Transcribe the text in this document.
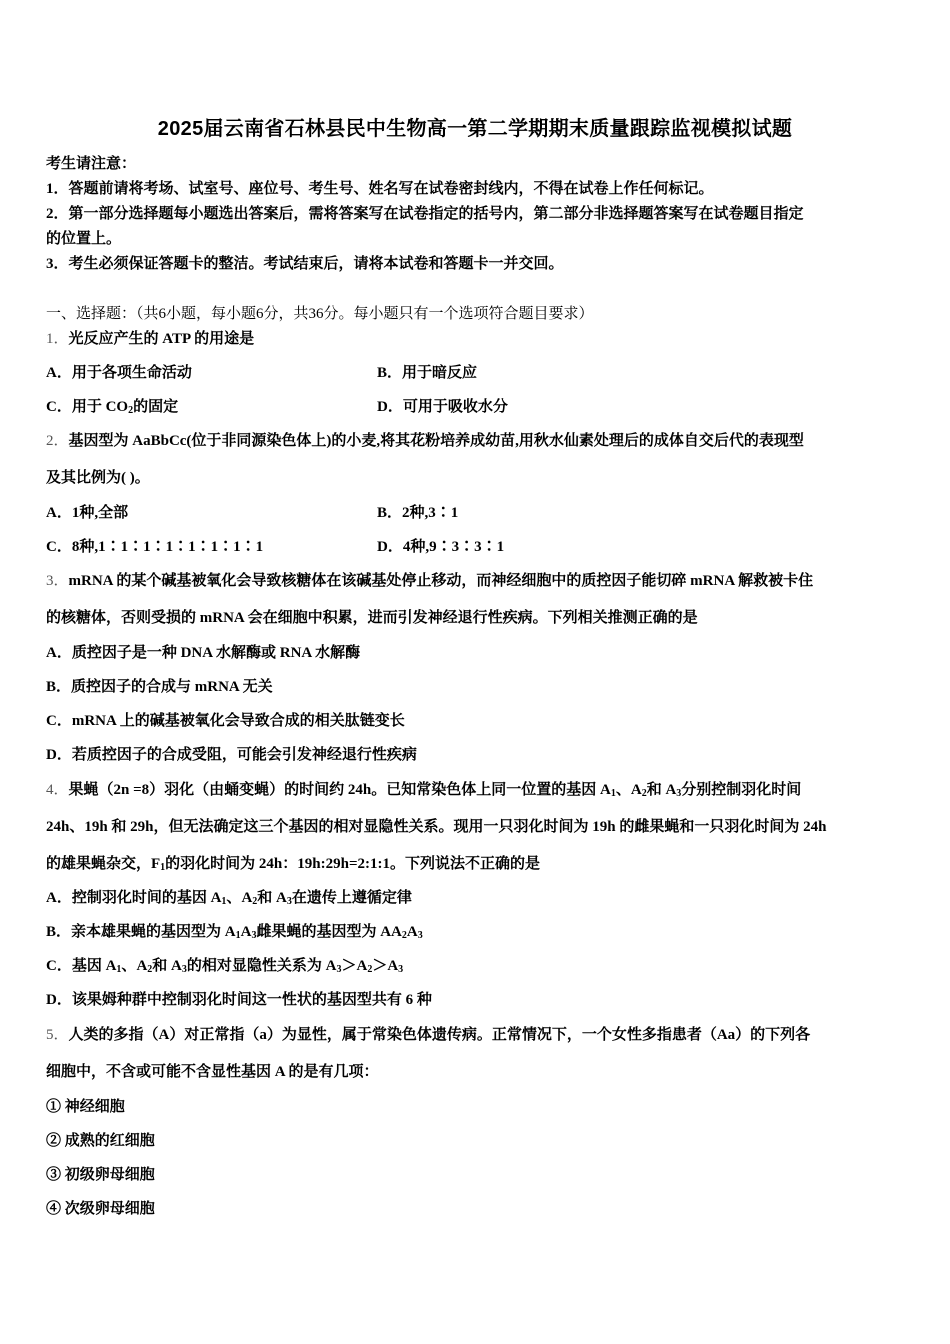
2025届云南省石林县民中生物高一第二学期期末质量跟踪监视模拟试题
考生请注意：
1．答题前请将考场、试室号、座位号、考生号、姓名写在试卷密封线内，不得在试卷上作任何标记。
2．第一部分选择题每小题选出答案后，需将答案写在试卷指定的括号内，第二部分非选择题答案写在试卷题目指定
的位置上。
3．考生必须保证答题卡的整洁。考试结束后，请将本试卷和答题卡一并交回。
一、选择题：（共6小题，每小题6分，共36分。每小题只有一个选项符合题目要求）
1．光反应产生的 ATP 的用途是
A．用于各项生命活动	B．用于暗反应
C．用于 $CO_2$的固定	D．可用于吸收水分
2．基因型为 AaBbCc(位于非同源染色体上)的小麦,将其花粉培养成幼苗,用秋水仙素处理后的成体自交后代的表现型
及其比例为( )。
A．1种,全部	B．2种,3∶1
C．8种,1∶1∶1∶1∶1∶1∶1∶1	D．4种,9∶3∶3∶1
3．mRNA 的某个碱基被氧化会导致核糖体在该碱基处停止移动，而神经细胞中的质控因子能切碎 mRNA 解救被卡住
的核糖体，否则受损的 mRNA 会在细胞中积累，进而引发神经退行性疾病。下列相关推测正确的是
A．质控因子是一种 DNA 水解酶或 RNA 水解酶
B．质控因子的合成与 mRNA 无关
C．mRNA 上的碱基被氧化会导致合成的相关肽链变长
D．若质控因子的合成受阻，可能会引发神经退行性疾病
4．果蝇（2n =8）羽化（由蛹变蝇）的时间约 24h。已知常染色体上同一位置的基因 $A_1$、$A_2$和 $A_3$分别控制羽化时间
24h、19h 和 29h，但无法确定这三个基因的相对显隐性关系。现用一只羽化时间为 19h 的雌果蝇和一只羽化时间为 24h
的雄果蝇杂交，$F_1$的羽化时间为 24h：19h:29h=2:1:1。下列说法不正确的是
A．控制羽化时间的基因 $A_1$、$A_2$和 $A_3$在遗传上遵循定律
B．亲本雄果蝇的基因型为 $A_1A_3$雌果蝇的基因型为 $AA_2A_3$
C．基因 $A_1$、$A_2$和 $A_3$的相对显隐性关系为 $A_3>A_2>A_3$
D．该果姆种群中控制羽化时间这一性状的基因型共有 6 种
5．人类的多指（A）对正常指（a）为显性，属于常染色体遗传病。正常情况下，一个女性多指患者（Aa）的下列各
细胞中，不含或可能不含显性基因 A 的是有几项：
① 神经细胞
② 成熟的红细胞
③ 初级卵母细胞
④ 次级卵母细胞
